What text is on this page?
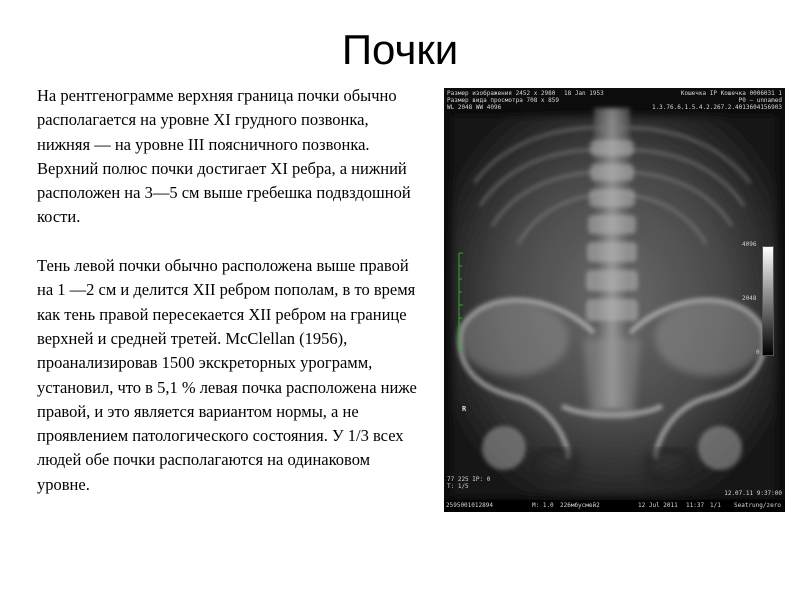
Почки

На рентгенограмме верхняя граница почки обычно располагается на уровне XI грудного позвонка, нижняя — на уровне III поясничного позвонка. Верхний полюс почки достигает XI ребра, а нижний расположен на 3—5 см выше гребешка подвздошной кости.

Тень левой почки обычно расположена выше правой на 1 —2 см и делится XII ребром пополам, в то время как тень правой пересекается XII ребром на границе верхней и средней третей. McClellan (1956), проанализировав 1500 экскреторных урограмм, установил, что в 5,1 % левая почка расположена ниже правой, и это является вариантом нормы, а не проявлением патологического состояния. У 1/3 всех людей обе почки располагаются на одинаковом уровне.

Размер изображения 2452 x 2980
Размер вида просмотра 708 x 859
WL 2048 WW 4096
18 Jan 1953	Кошечка IP Кошечка 0006031 1
P0 — unnamed
1.3.76.6.1.5.4.2.267.2.4013604156903
4096
2048
0
R
77 225 IP: 0
T: 1/5
12.07.11 9:37:00
2595001012894	M: 1.0 226мбусмей2	12 Jul 2011 11:37 1/1 Seatrung/zero
